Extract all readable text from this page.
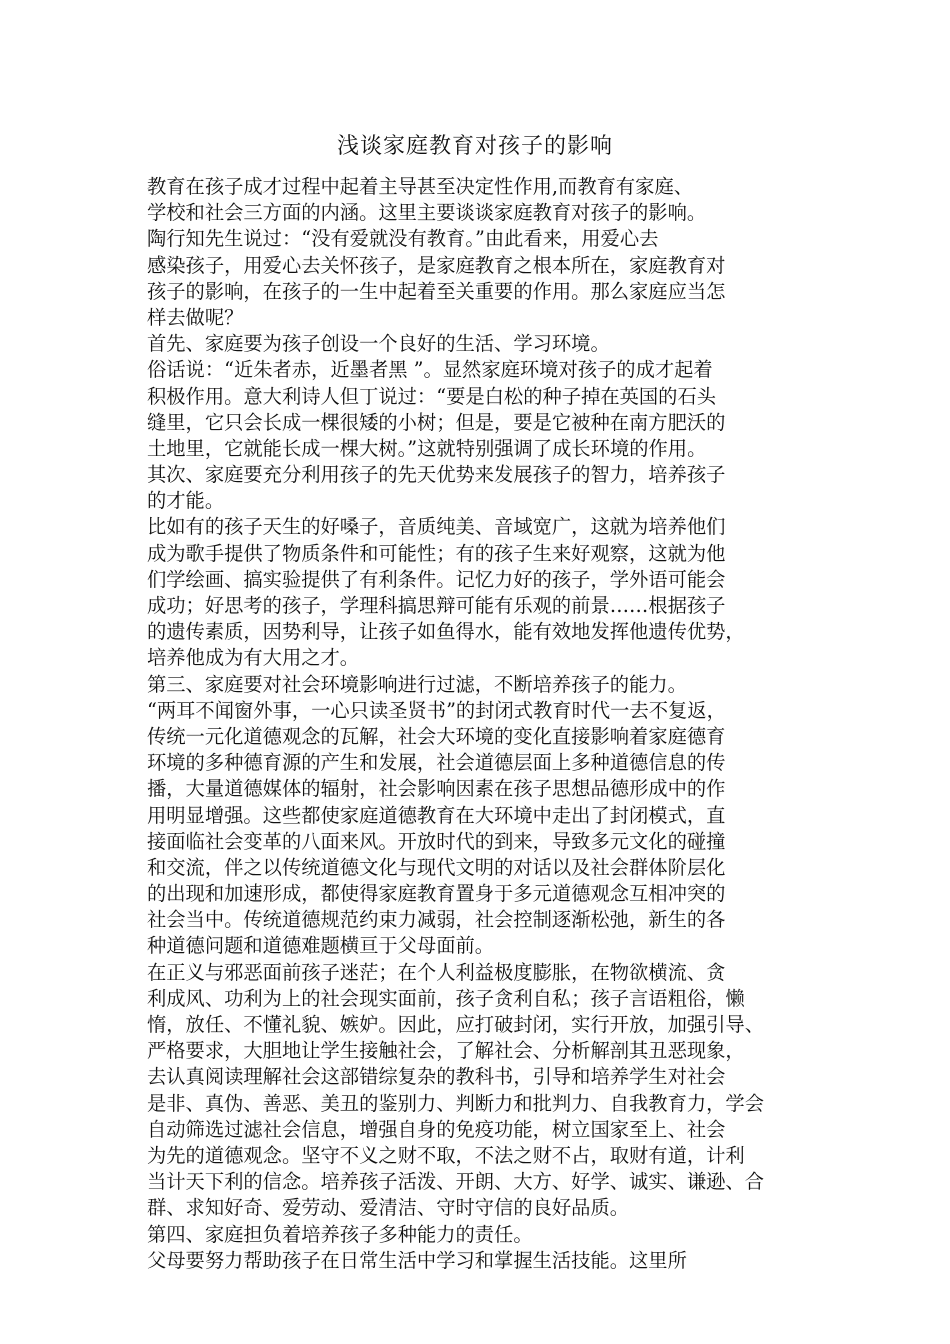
浅谈家庭教育对孩子的影响
教育在孩子成才过程中起着主导甚至决定性作用,而教育有家庭、
学校和社会三方面的内涵。这里主要谈谈家庭教育对孩子的影响。
陶行知先生说过：“没有爱就没有教育。”由此看来，用爱心去
感染孩子，用爱心去关怀孩子，是家庭教育之根本所在，家庭教育对
孩子的影响，在孩子的一生中起着至关重要的作用。那么家庭应当怎
样去做呢？
首先、家庭要为孩子创设一个良好的生活、学习环境。
俗话说：“近朱者赤，近墨者黑 ”。显然家庭环境对孩子的成才起着
积极作用。意大利诗人但丁说过：“要是白松的种子掉在英国的石头
缝里，它只会长成一棵很矮的小树；但是，要是它被种在南方肥沃的
土地里，它就能长成一棵大树。”这就特别强调了成长环境的作用。
其次、家庭要充分利用孩子的先天优势来发展孩子的智力，培养孩子
的才能。
比如有的孩子天生的好嗓子，音质纯美、音域宽广，这就为培养他们
成为歌手提供了物质条件和可能性；有的孩子生来好观察，这就为他
们学绘画、搞实验提供了有利条件。记忆力好的孩子，学外语可能会
成功；好思考的孩子，学理科搞思辩可能有乐观的前景……根据孩子
的遗传素质，因势利导，让孩子如鱼得水，能有效地发挥他遗传优势，
培养他成为有大用之才。
第三、家庭要对社会环境影响进行过滤，不断培养孩子的能力。
“两耳不闻窗外事，一心只读圣贤书”的封闭式教育时代一去不复返，
传统一元化道德观念的瓦解，社会大环境的变化直接影响着家庭德育
环境的多种德育源的产生和发展，社会道德层面上多种道德信息的传
播，大量道德媒体的辐射，社会影响因素在孩子思想品德形成中的作
用明显增强。这些都使家庭道德教育在大环境中走出了封闭模式，直
接面临社会变革的八面来风。开放时代的到来，导致多元文化的碰撞
和交流，伴之以传统道德文化与现代文明的对话以及社会群体阶层化
的出现和加速形成，都使得家庭教育置身于多元道德观念互相冲突的
社会当中。传统道德规范约束力减弱，社会控制逐渐松弛，新生的各
种道德问题和道德难题横亘于父母面前。
在正义与邪恶面前孩子迷茫；在个人利益极度膨胀，在物欲横流、贪
利成风、功利为上的社会现实面前，孩子贪利自私；孩子言语粗俗，懒
惰，放任、不懂礼貌、嫉妒。因此，应打破封闭，实行开放，加强引导、
严格要求，大胆地让学生接触社会，了解社会、分析解剖其丑恶现象，
去认真阅读理解社会这部错综复杂的教科书，引导和培养学生对社会
是非、真伪、善恶、美丑的鉴别力、判断力和批判力、自我教育力，学会
自动筛选过滤社会信息，增强自身的免疫功能，树立国家至上、社会
为先的道德观念。坚守不义之财不取，不法之财不占，取财有道，计利
当计天下利的信念。培养孩子活泼、开朗、大方、好学、诚实、谦逊、合
群、求知好奇、爱劳动、爱清洁、守时守信的良好品质。
第四、家庭担负着培养孩子多种能力的责任。
父母要努力帮助孩子在日常生活中学习和掌握生活技能。这里所
